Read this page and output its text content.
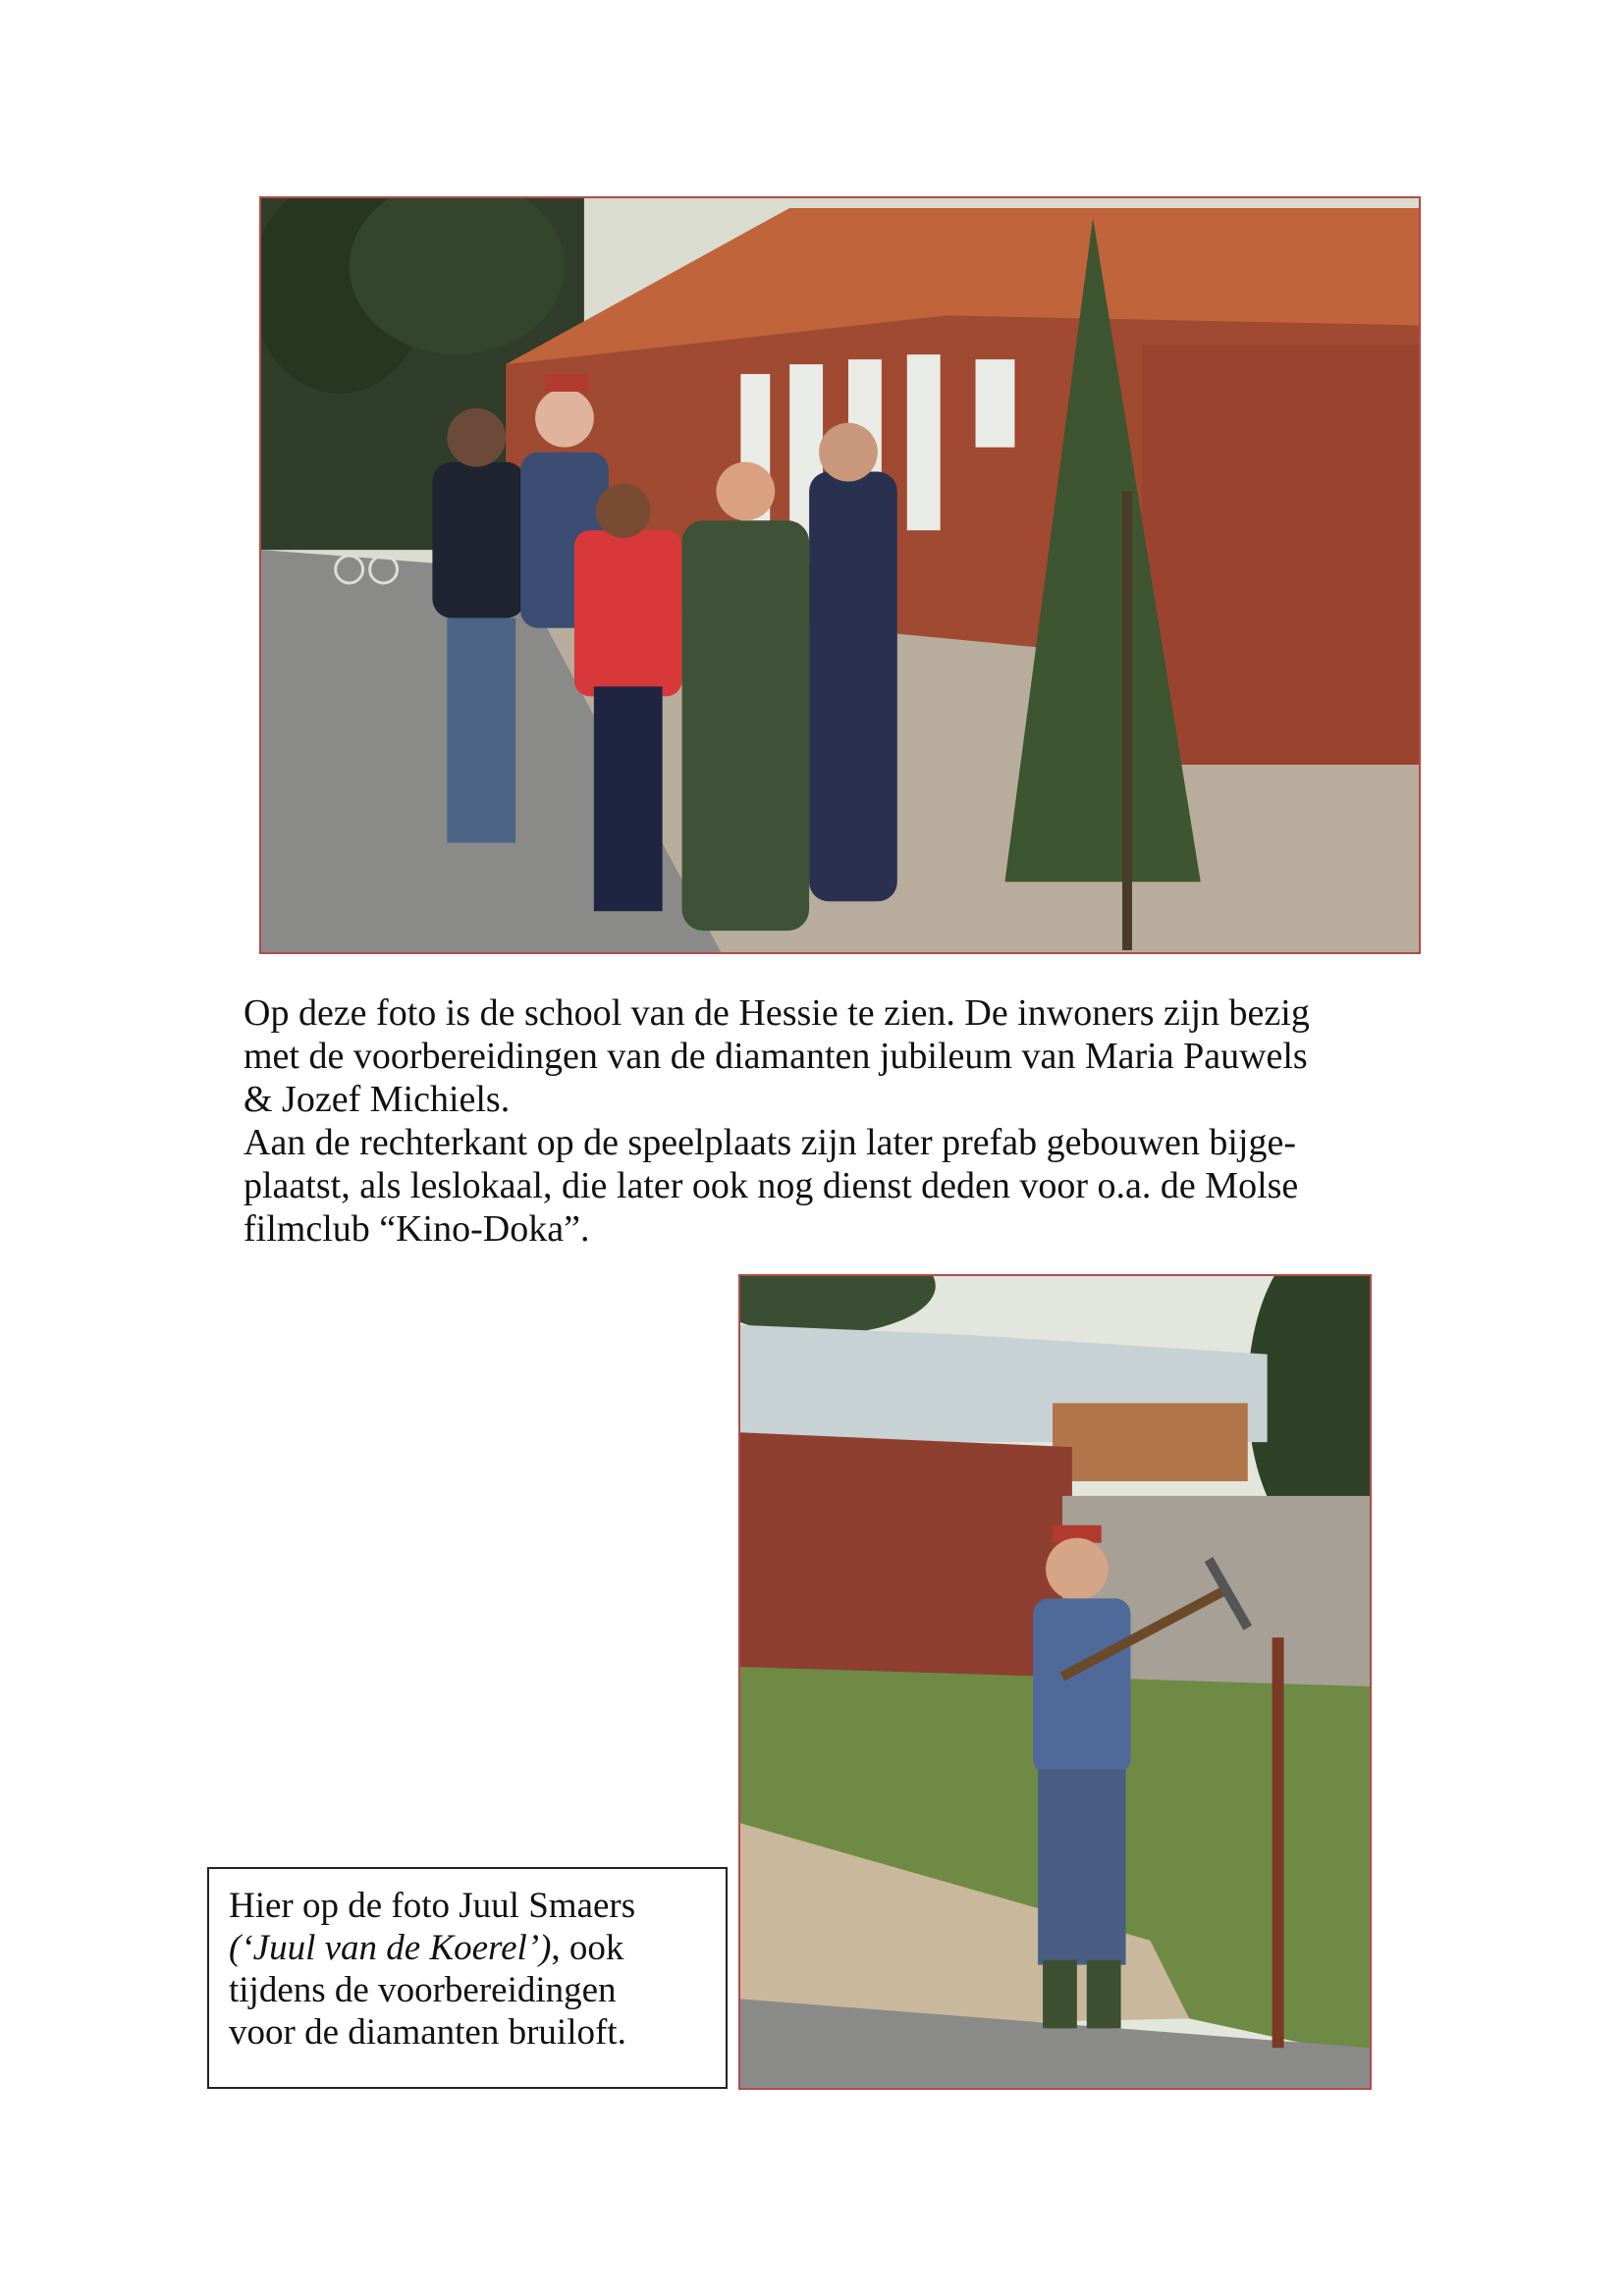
Op deze foto is de school van de Hessie te zien. De inwoners zijn bezig

met de voorbereidingen van de diamanten jubileum van Maria Pauwels

& Jozef Michiels.

Aan de rechterkant op de speelplaats zijn later prefab gebouwen bijge-

plaatst, als leslokaal, die later ook nog dienst deden voor o.a. de Molse

filmclub “Kino-Doka”.

Hier op de foto Juul Smaers

(‘Juul van de Koerel’), ook

tijdens de voorbereidingen

voor de diamanten bruiloft.
